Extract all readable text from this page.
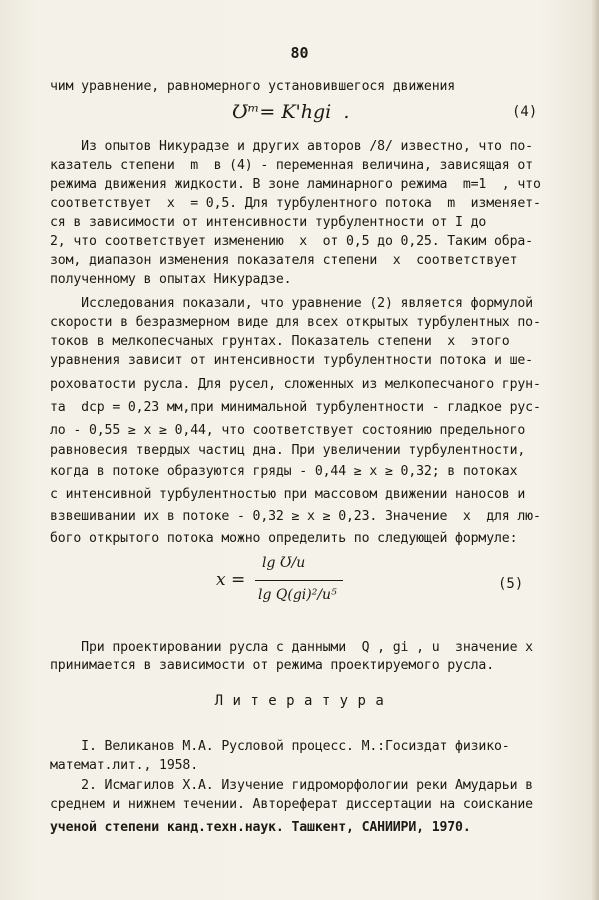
80
чим уравнение, равномерного установившегося движения
Ʊᵐ= K'hgi  .	(4)
Из опытов Никурадзе и других авторов /8/ известно, что по-
казатель степени  m  в (4) - переменная величина, зависящая от
режима движения жидкости. В зоне ламинарного режима  m=1  , что
соответствует  x  = 0,5. Для турбулентного потока  m  изменяет-
ся в зависимости от интенсивности турбулентности от I до
2, что соответствует изменению  x  от 0,5 до 0,25. Таким обра-
зом, диапазон изменения показателя степени  x  соответствует
полученному в опытах Никурадзе.
Исследования показали, что уравнение (2) является формулой
скорости в безразмерном виде для всех открытых турбулентных по-
токов в мелкопесчаных грунтах. Показатель степени  x  этого
уравнения зависит от интенсивности турбулентности потока и ше-
роховатости русла. Для русел, сложенных из мелкопесчаного грун-
та  dср = 0,23 мм,при минимальной турбулентности - гладкое рус-
ло - 0,55 ≥ x ≥ 0,44, что соответствует состоянию предельного
равновесия твердых частиц дна. При увеличении турбулентности,
когда в потоке образуются гряды - 0,44 ≥ x ≥ 0,32; в потоках
с интенсивной турбулентностью при массовом движении наносов и
взвешивании их в потоке - 0,32 ≥ x ≥ 0,23. Значение  x  для лю-
бого открытого потока можно определить по следующей формуле:
x =
lg Ʊ/u
lg Q(gi)²/u⁵
(5)
При проектировании русла с данными  Q , gi , u  значение x
принимается в зависимости от режима проектируемого русла.
Л и т е р а т у р а
I. Великанов М.А. Русловой процесс. М.:Госиздат физико-
математ.лит., 1958.
2. Исмагилов Х.А. Изучение гидроморфологии реки Амударьи в
среднем и нижнем течении. Автореферат диссертации на соискание
ученой степени канд.техн.наук. Ташкент, САНИИРИ, 1970.
